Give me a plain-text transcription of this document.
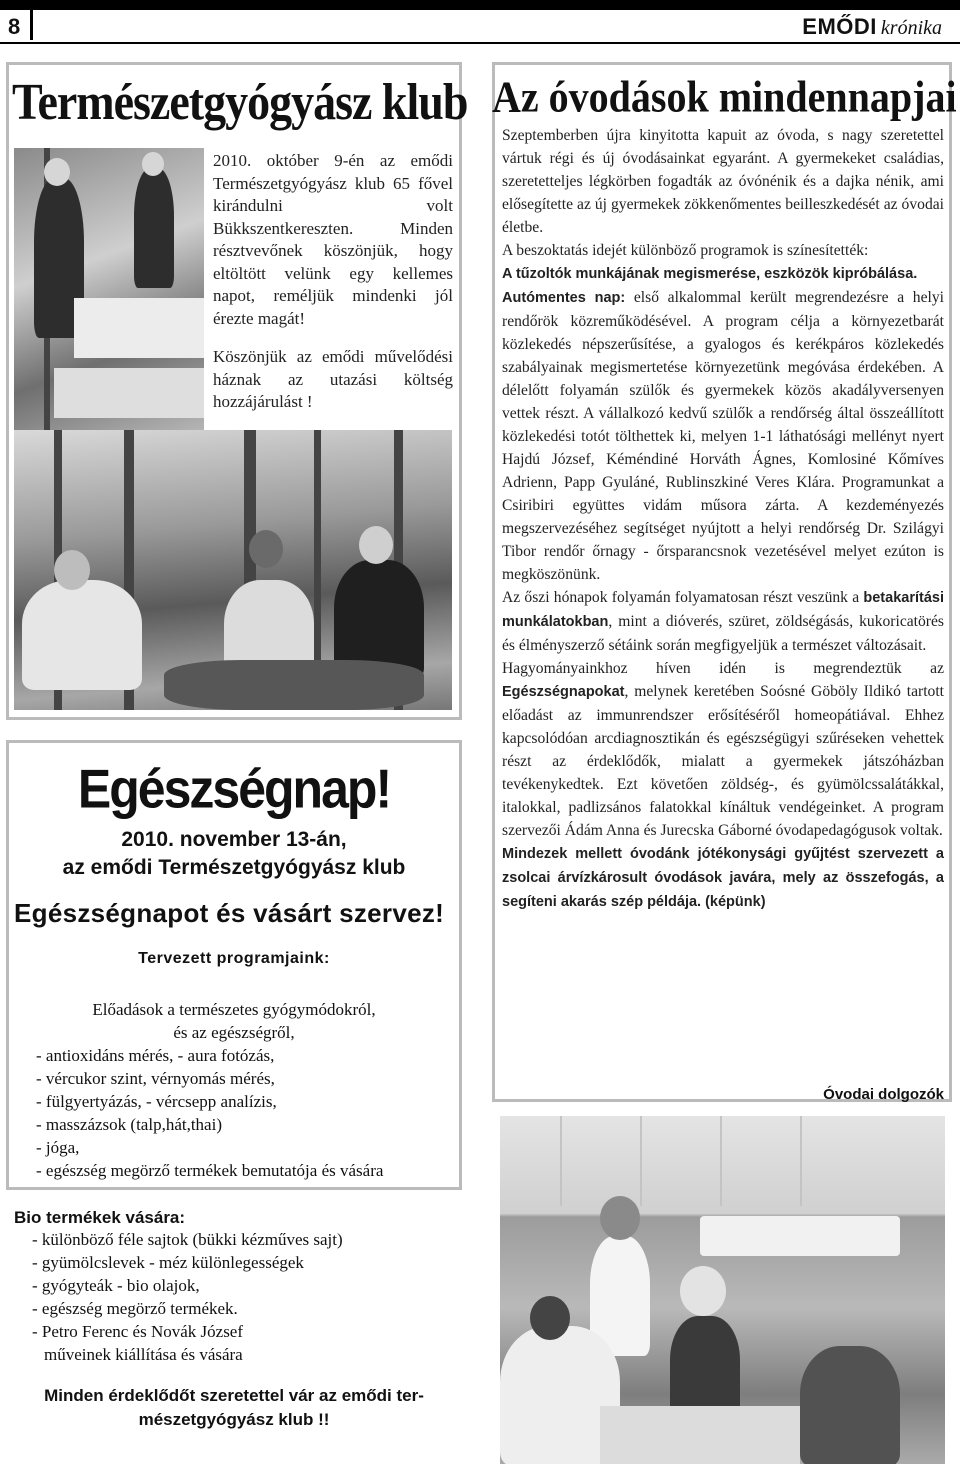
8	EMŐDI krónika
Természetgyógyász klub

2010. október 9-én az emődi Természetgyógyász klub 65 fővel kirándulni volt Bükkszentkereszten. Minden résztvevőnek köszönjük, hogy eltöltött velünk egy kellemes napot, reméljük mindenki jól érezte magát!

Köszönjük az emődi művelődési háznak az utazási költség hozzájárulást !

Egészségnap!
2010. november 13-án,
az emődi Természetgyógyász klub
Egészségnapot és vásárt szervez!
Tervezett programjaink:
Előadások a természetes gyógymódokról,
és az egészségről,
- antioxidáns mérés, - aura fotózás,
- vércukor szint, vérnyomás mérés,
- fülgyertyázás, - vércsepp analízis,
- masszázsok (talp,hát,thai)
- jóga,
- egészség megörző termékek bemutatója és vására
Bio termékek vására:
- különböző féle sajtok (bükki kézműves sajt)
- gyümölcslevek - méz különlegességek
- gyógyteák - bio olajok,
- egészség megörző termékek.
- Petro Ferenc és Novák József
műveinek kiállítása és vására
Minden érdeklődőt szeretettel vár az emődi ter-
mészetgyógyász klub !!
Az óvodások mindennapjai

Szeptemberben újra kinyitotta kapuit az óvoda, s nagy szeretettel vártuk régi és új óvodásainkat egyaránt. A gyermekeket családias, szeretetteljes légkörben fogadták az óvónénik és a dajka nénik, ami elősegítette az új gyermekek zökkenőmentes beilleszkedését az óvodai életbe.

A beszoktatás idejét különböző programok is színesítették:

A tűzoltók munkájának megismerése, eszközök kipróbálása.

Autómentes nap: első alkalommal került megrendezésre a helyi rendőrök közreműködésével. A program célja a környezetbarát közlekedés népszerűsítése, a gyalogos és kerékpáros közlekedés szabályainak megismertetése környezetünk megóvása érdekében. A délelőtt folyamán szülők és gyermekek közös akadályversenyen vettek részt. A vállalkozó kedvű szülők a rendőrség által összeállított közlekedési totót tölthettek ki, melyen 1-1 láthatósági mellényt nyert Hajdú József, Kéméndiné Horváth Ágnes, Komlosiné Kőmíves Adrienn, Papp Gyuláné, Rublinszkiné Veres Klára. Programunkat a Csiribiri együttes vidám műsora zárta. A kezdeményezés megszervezéséhez segítséget nyújtott a helyi rendőrség Dr. Szilágyi Tibor rendőr őrnagy - őrsparancsnok vezetésével melyet ezúton is megköszönünk.

Az őszi hónapok folyamán folyamatosan részt veszünk a betakarítási munkálatokban, mint a dióverés, szüret, zöldségásás, kukoricatörés és élményszerző sétáink során megfigyeljük a természet változásait.

Hagyományainkhoz híven idén is megrendeztük az Egészségnapokat, melynek keretében Soósné Göböly Ildikó tartott előadást az immunrendszer erősítéséről homeopátiával. Ehhez kapcsolódóan arcdiagnosztikán és egészségügyi szűréseken vehettek részt az érdeklődők, mialatt a gyermekek játszóházban tevékenykedtek. Ezt követően zöldség-, és gyümölcssalátákkal, italokkal, padlizsános falatokkal kínáltuk vendégeinket. A program szervezői Ádám Anna és Jurecska Gáborné óvodapedagógusok voltak.

Mindezek mellett óvodánk jótékonysági gyűjtést szervezett a zsolcai árvízkárosult óvodások javára, mely az összefogás, a segíteni akarás szép példája. (képünk)

Óvodai dolgozók
